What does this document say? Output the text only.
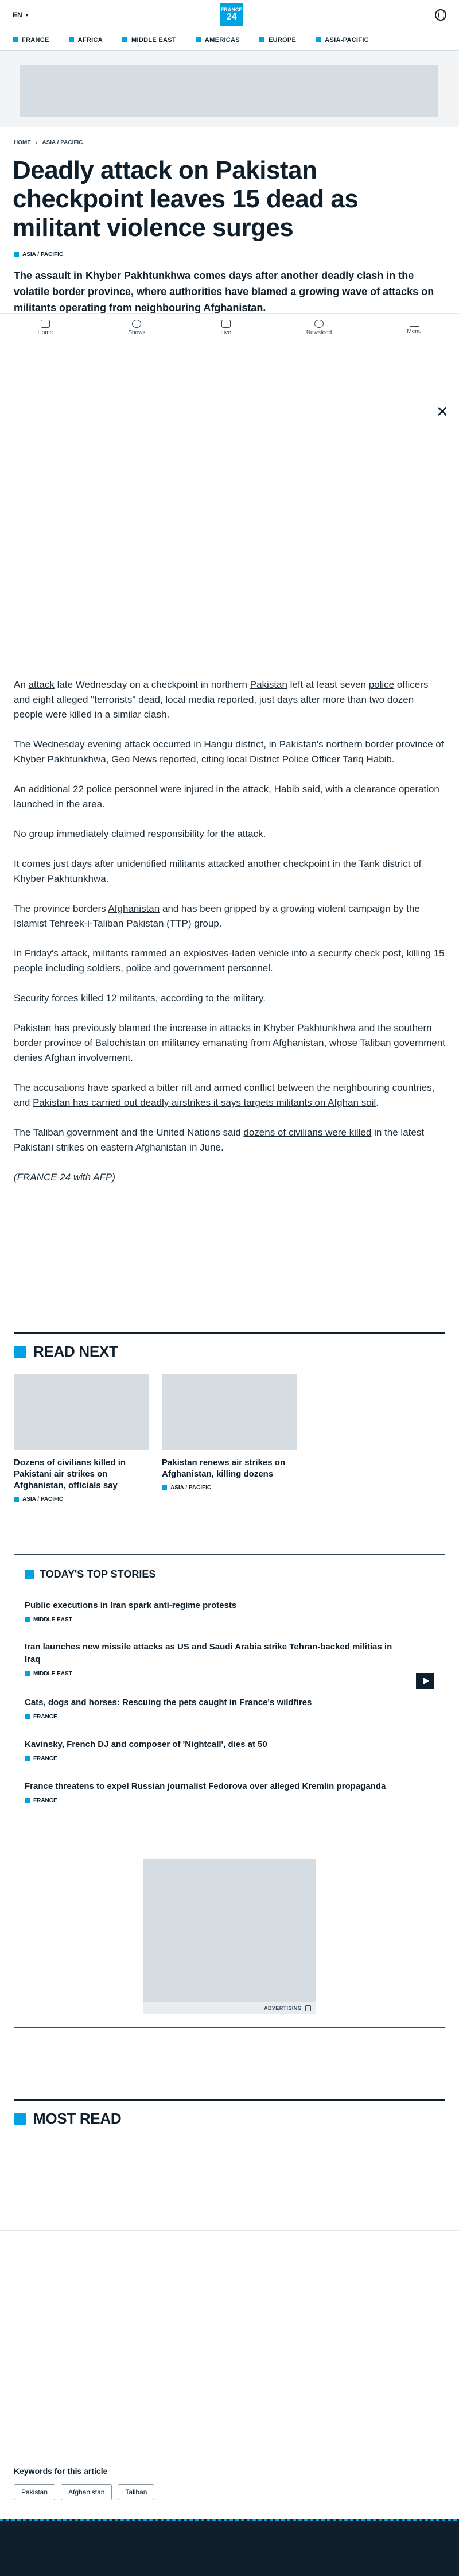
EN ▾
FRANCE
24
FRANCE	AFRICA	MIDDLE EAST	AMERICAS	EUROPE	ASIA-PACIFIC
HOME › ASIA / PACIFIC
Deadly attack on Pakistan checkpoint leaves 15 dead as militant violence surges
ASIA / PACIFIC

The assault in Khyber Pakhtunkhwa comes days after another deadly clash in the volatile border province, where authorities have blamed a growing wave of attacks on militants operating from neighbouring Afghanistan.

Home	Shows	Live	Newsfeed	Menu
✕

An attack late Wednesday on a checkpoint in northern Pakistan left at least seven police officers and eight alleged "terrorists" dead, local media reported, just days after more than two dozen people were killed in a similar clash.

The Wednesday evening attack occurred in Hangu district, in Pakistan's northern border province of Khyber Pakhtunkhwa, Geo News reported, citing local District Police Officer Tariq Habib.

An additional 22 police personnel were injured in the attack, Habib said, with a clearance operation launched in the area.

No group immediately claimed responsibility for the attack.

It comes just days after unidentified militants attacked another checkpoint in the Tank district of Khyber Pakhtunkhwa.

The province borders Afghanistan and has been gripped by a growing violent campaign by the Islamist Tehreek-i-Taliban Pakistan (TTP) group.

In Friday's attack, militants rammed an explosives-laden vehicle into a security check post, killing 15 people including soldiers, police and government personnel.

Security forces killed 12 militants, according to the military.

Pakistan has previously blamed the increase in attacks in Khyber Pakhtunkhwa and the southern border province of Balochistan on militancy emanating from Afghanistan, whose Taliban government denies Afghan involvement.

The accusations have sparked a bitter rift and armed conflict between the neighbouring countries, and Pakistan has carried out deadly airstrikes it says targets militants on Afghan soil.

The Taliban government and the United Nations said dozens of civilians were killed in the latest Pakistani strikes on eastern Afghanistan in June.

(FRANCE 24 with AFP)

READ NEXT
Dozens of civilians killed in Pakistani air strikes on Afghanistan, officials say
ASIA / PACIFIC
Pakistan renews air strikes on Afghanistan, killing dozens
ASIA / PACIFIC
TODAY'S TOP STORIES
Public executions in Iran spark anti-regime protests
MIDDLE EAST
Iran launches new missile attacks as US and Saudi Arabia strike Tehran-backed militias in Iraq
MIDDLE EAST
Cats, dogs and horses: Rescuing the pets caught in France's wildfires
FRANCE
Kavinsky, French DJ and composer of 'Nightcall', dies at 50
FRANCE
France threatens to expel Russian journalist Fedorova over alleged Kremlin propaganda
FRANCE
ADVERTISING
MOST READ
Keywords for this article
Pakistan	Afghanistan	Taliban
